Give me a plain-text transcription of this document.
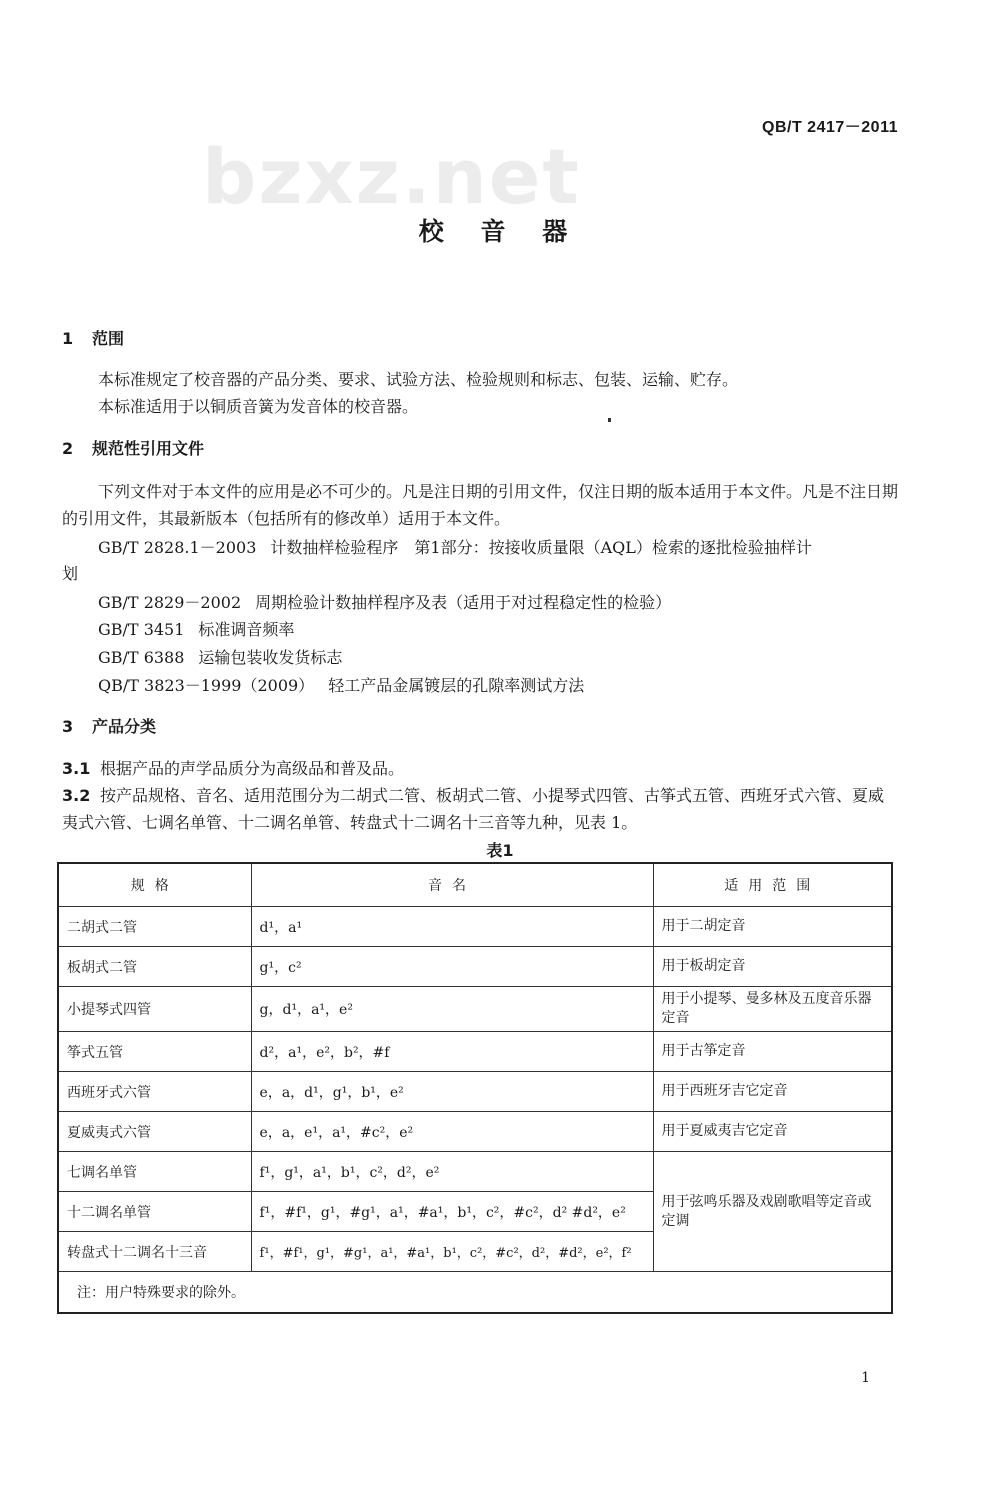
QB/T 2417－2011
bzxz.net
校 音 器
1 范围
本标准规定了校音器的产品分类、要求、试验方法、检验规则和标志、包装、运输、贮存。
本标准适用于以铜质音簧为发音体的校音器。
2 规范性引用文件
下列文件对于本文件的应用是必不可少的。凡是注日期的引用文件，仅注日期的版本适用于本文件。凡是不注日期的引用文件，其最新版本（包括所有的修改单）适用于本文件。
GB/T 2828.1－2003 计数抽样检验程序　第1部分：按接收质量限（AQL）检索的逐批检验抽样计
划
GB/T 2829－2002 周期检验计数抽样程序及表（适用于对过程稳定性的检验）
GB/T 3451 标准调音频率
GB/T 6388 运输包装收发货标志
QB/T 3823－1999（2009） 轻工产品金属镀层的孔隙率测试方法
3 产品分类
3.1 根据产品的声学品质分为高级品和普及品。
3.2 按产品规格、音名、适用范围分为二胡式二管、板胡式二管、小提琴式四管、古筝式五管、西班牙式六管、夏威夷式六管、七调名单管、十二调名单管、转盘式十二调名十三音等九种，见表 1。
表1
规格	音名	适用范围
二胡式二管	d¹，a¹	用于二胡定音
板胡式二管	g¹，c²	用于板胡定音
小提琴式四管	g，d¹，a¹，e²	用于小提琴、曼多林及五度音乐器定音
筝式五管	d²，a¹，e²，b²，#f	用于古筝定音
西班牙式六管	e，a，d¹，g¹，b¹，e²	用于西班牙吉它定音
夏威夷式六管	e，a，e¹，a¹，#c²，e²	用于夏威夷吉它定音
七调名单管	f¹，g¹，a¹，b¹，c²，d²，e²	用于弦鸣乐器及戏剧歌唱等定音或定调
十二调名单管	f¹，#f¹，g¹，#g¹，a¹，#a¹，b¹，c²，#c²，d² #d²，e²	
转盘式十二调名十三音	f¹，#f¹，g¹，#g¹，a¹，#a¹，b¹，c²，#c²，d²，#d²，e²，f²	
注：用户特殊要求的除外。		
1
